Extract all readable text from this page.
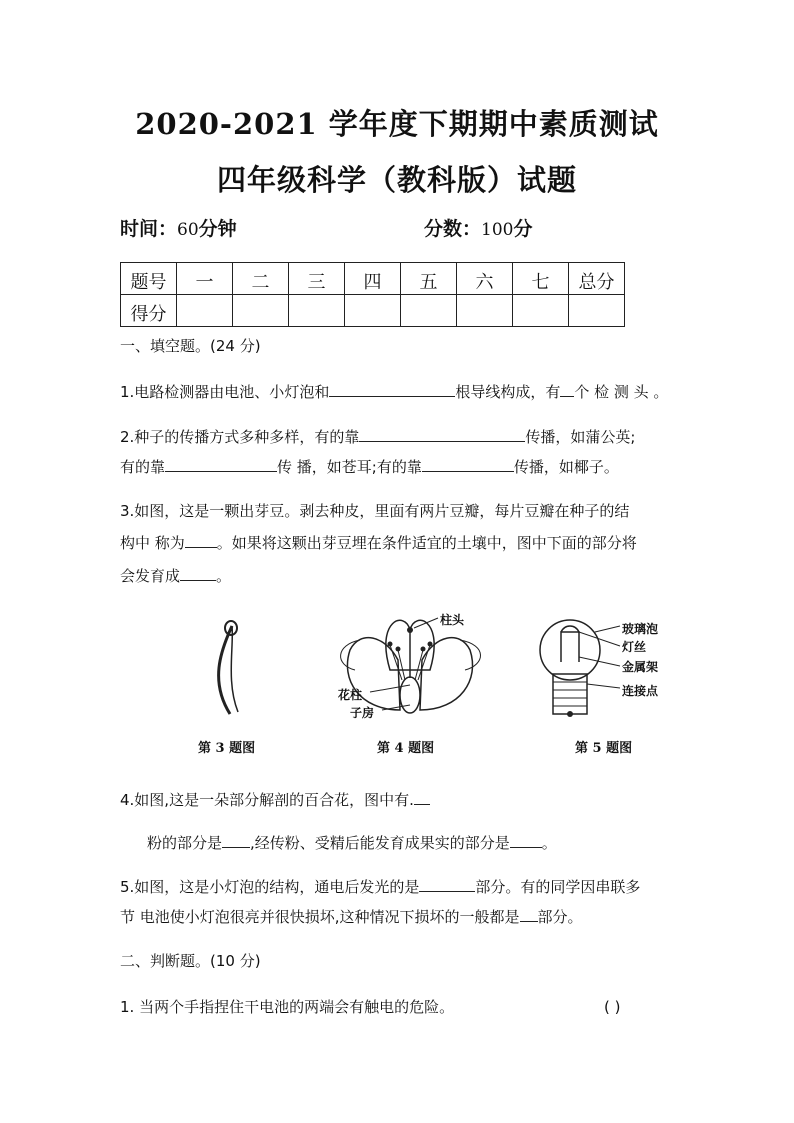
2020-2021 学年度下期期中素质测试
四年级科学（教科版）试题
时间：60分钟	分数：100分
题号	一	二	三	四	五	六	七	总分
得分								
一、填空题。(24 分)
1.电路检测器由电池、小灯泡和	根导线构成，有 个 检 测 头 。
2.种子的传播方式多种多样，有的靠	传播，如蒲公英;
有的靠	传 播，如苍耳;有的靠	传播，如椰子。
3.如图，这是一颗出芽豆。剥去种皮，里面有两片豆瓣，每片豆瓣在种子的结
构中 称为 。如果将这颗出芽豆埋在条件适宜的土壤中，图中下面的部分将
会发育成 。
柱头
花柱
子房
玻璃泡
灯丝
金属架
连接点
第 3 题图	第 4 题图	第 5 题图
4.如图,这是一朵部分解剖的百合花，图中有.
粉的部分是 ,经传粉、受精后能发育成果实的部分是 。
5.如图，这是小灯泡的结构，通电后发光的是	部分。有的同学因串联多
节 电池使小灯泡很亮并很快损坏,这种情况下损坏的一般都是 部分。
二、判断题。(10 分)
1. 当两个手指捏住干电池的两端会有触电的危险。	( )
